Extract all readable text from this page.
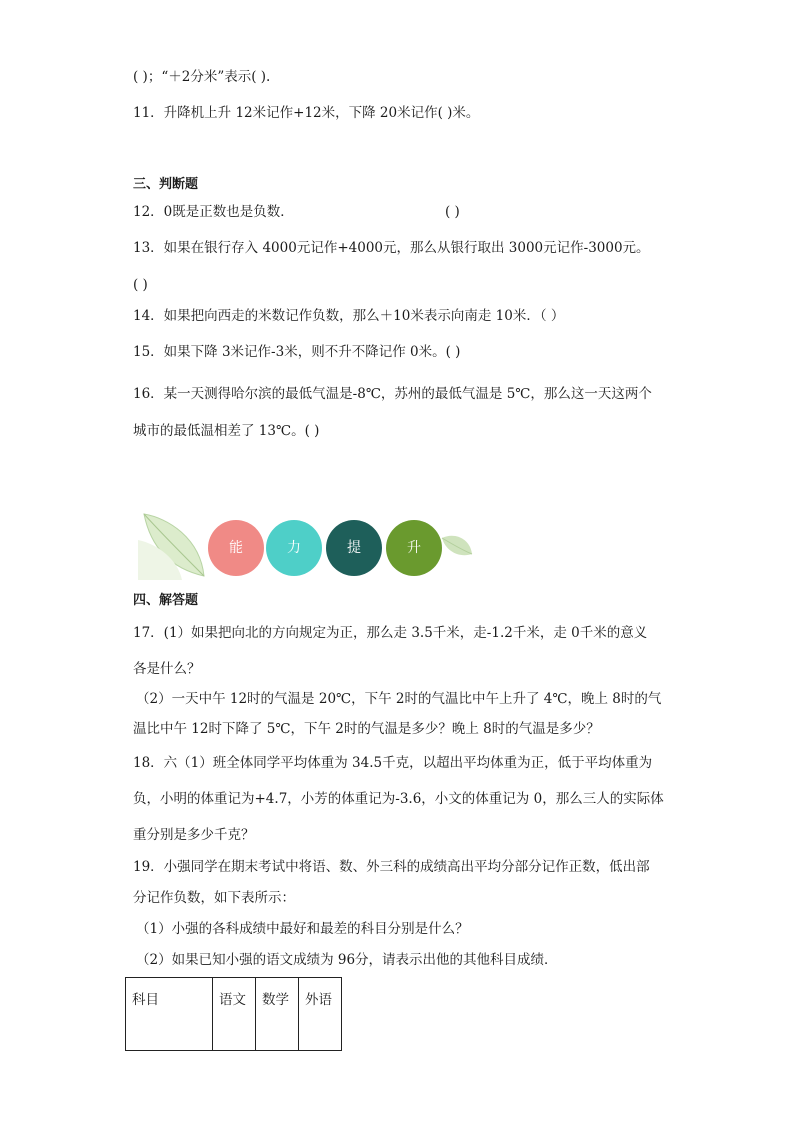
( )；“＋2分米”表示( ).
11．升降机上升 12米记作+12米，下降 20米记作( )米。
三、判断题
12．0既是正数也是负数．	( )
13．如果在银行存入 4000元记作+4000元，那么从银行取出 3000元记作-3000元。
( )
14．如果把向西走的米数记作负数，那么＋10米表示向南走 10米．（ ）
15．如果下降 3米记作-3米，则不升不降记作 0米。( )
16．某一天测得哈尔滨的最低气温是-8℃，苏州的最低气温是 5℃，那么这一天这两个
城市的最低温相差了 13℃。( )
能	力	提	升
四、解答题
17．(1）如果把向北的方向规定为正，那么走 3.5千米，走-1.2千米，走 0千米的意义
各是什么？
（2）一天中午 12时的气温是 20℃，下午 2时的气温比中午上升了 4℃，晚上 8时的气
温比中午 12时下降了 5℃，下午 2时的气温是多少？晚上 8时的气温是多少？
18．六（1）班全体同学平均体重为 34.5千克，以超出平均体重为正，低于平均体重为
负，小明的体重记为+4.7，小芳的体重记为-3.6，小文的体重记为 0，那么三人的实际体
重分别是多少千克？
19．小强同学在期末考试中将语、数、外三科的成绩高出平均分部分记作正数，低出部
分记作负数，如下表所示：
（1）小强的各科成绩中最好和最差的科目分别是什么？
（2）如果已知小强的语文成绩为 96分，请表示出他的其他科目成绩．
科目	语文	数学	外语
